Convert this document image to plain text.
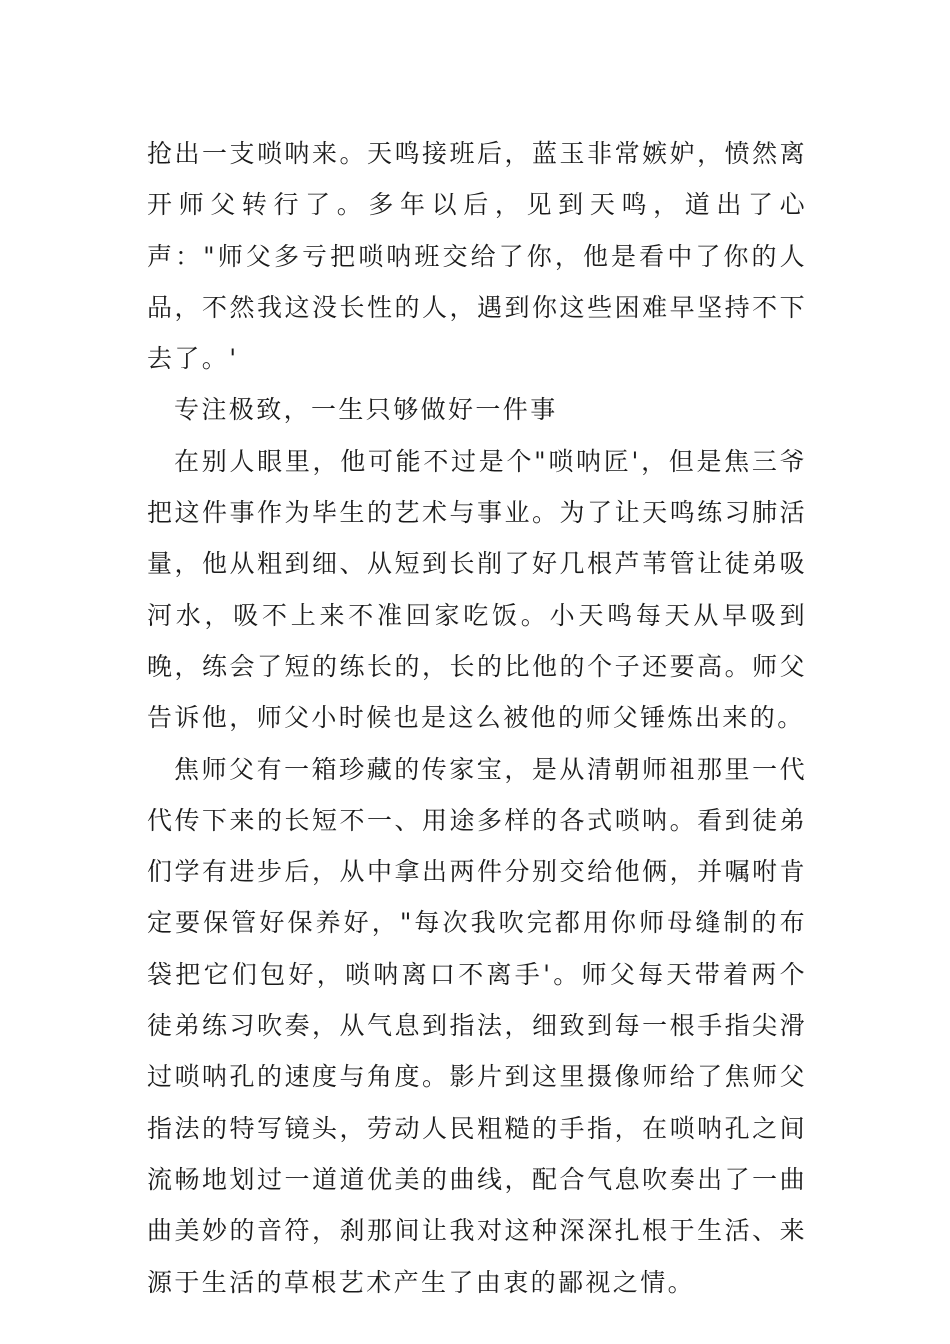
抢出一支唢呐来。天鸣接班后，蓝玉非常嫉妒，愤然离开师父转行了。多年以后，见到天鸣，道出了心声："师父多亏把唢呐班交给了你，他是看中了你的人品，不然我这没长性的人，遇到你这些困难早坚持不下去了。'

专注极致，一生只够做好一件事

在别人眼里，他可能不过是个"唢呐匠'，但是焦三爷把这件事作为毕生的艺术与事业。为了让天鸣练习肺活量，他从粗到细、从短到长削了好几根芦苇管让徒弟吸河水，吸不上来不准回家吃饭。小天鸣每天从早吸到晚，练会了短的练长的，长的比他的个子还要高。师父告诉他，师父小时候也是这么被他的师父锤炼出来的。

焦师父有一箱珍藏的传家宝，是从清朝师祖那里一代代传下来的长短不一、用途多样的各式唢呐。看到徒弟们学有进步后，从中拿出两件分别交给他俩，并嘱咐肯定要保管好保养好，"每次我吹完都用你师母缝制的布袋把它们包好，唢呐离口不离手'。师父每天带着两个徒弟练习吹奏，从气息到指法，细致到每一根手指尖滑过唢呐孔的速度与角度。影片到这里摄像师给了焦师父指法的特写镜头，劳动人民粗糙的手指，在唢呐孔之间流畅地划过一道道优美的曲线，配合气息吹奏出了一曲曲美妙的音符，刹那间让我对这种深深扎根于生活、来源于生活的草根艺术产生了由衷的鄙视之情。
